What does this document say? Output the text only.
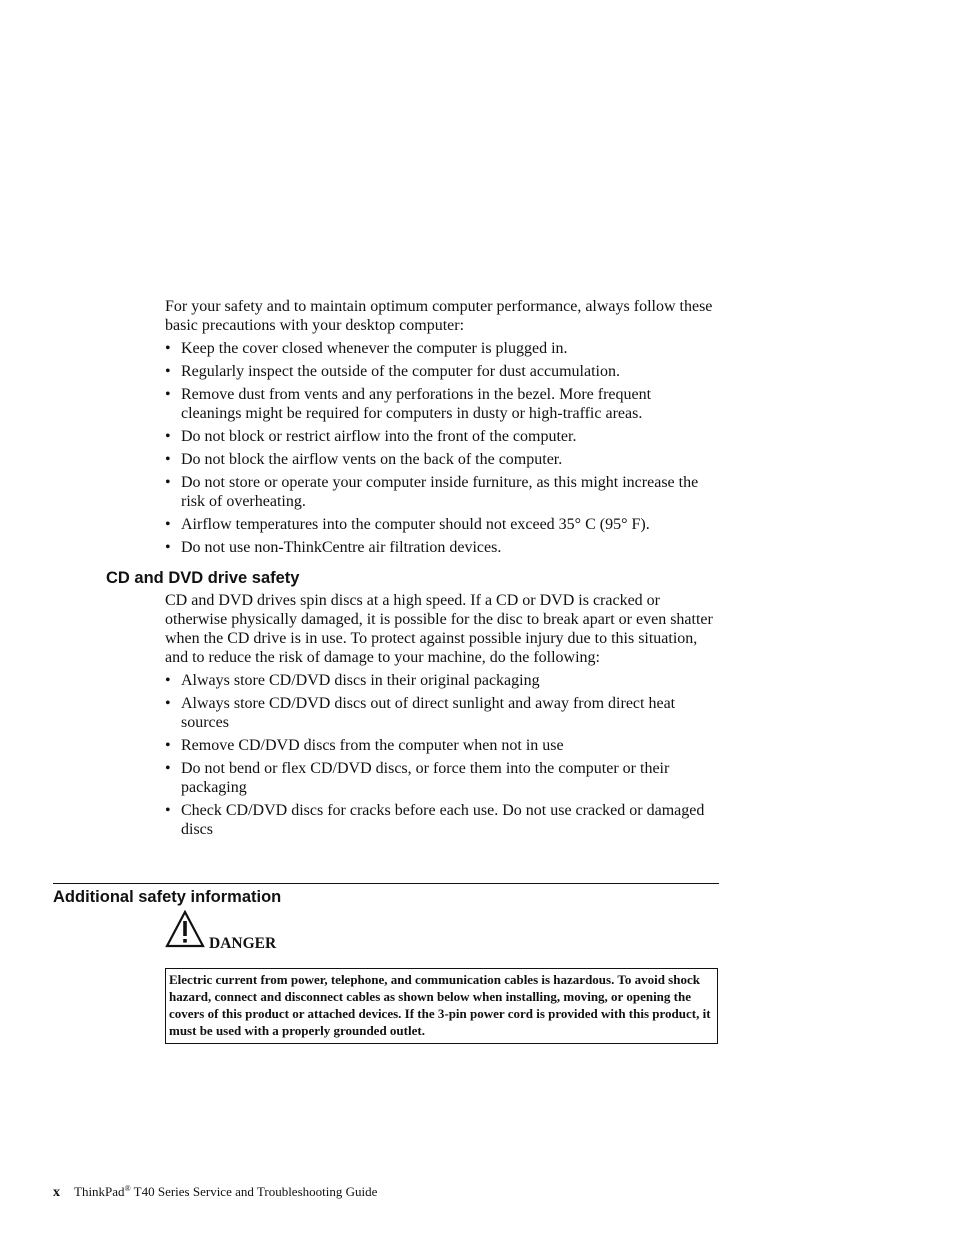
For your safety and to maintain optimum computer performance, always follow these basic precautions with your desktop computer:

• Keep the cover closed whenever the computer is plugged in.
• Regularly inspect the outside of the computer for dust accumulation.
• Remove dust from vents and any perforations in the bezel. More frequent cleanings might be required for computers in dusty or high-traffic areas.
• Do not block or restrict airflow into the front of the computer.
• Do not block the airflow vents on the back of the computer.
• Do not store or operate your computer inside furniture, as this might increase the risk of overheating.
• Airflow temperatures into the computer should not exceed 35° C (95° F).
• Do not use non-ThinkCentre air filtration devices.
CD and DVD drive safety

CD and DVD drives spin discs at a high speed. If a CD or DVD is cracked or otherwise physically damaged, it is possible for the disc to break apart or even shatter when the CD drive is in use. To protect against possible injury due to this situation, and to reduce the risk of damage to your machine, do the following:

• Always store CD/DVD discs in their original packaging
• Always store CD/DVD discs out of direct sunlight and away from direct heat sources
• Remove CD/DVD discs from the computer when not in use
• Do not bend or flex CD/DVD discs, or force them into the computer or their packaging
• Check CD/DVD discs for cracks before each use. Do not use cracked or damaged discs
Additional safety information
DANGER
Electric current from power, telephone, and communication cables is hazardous. To avoid shock hazard, connect and disconnect cables as shown below when installing, moving, or opening the covers of this product or attached devices. If the 3-pin power cord is provided with this product, it must be used with a properly grounded outlet.
x ThinkPad® T40 Series Service and Troubleshooting Guide
